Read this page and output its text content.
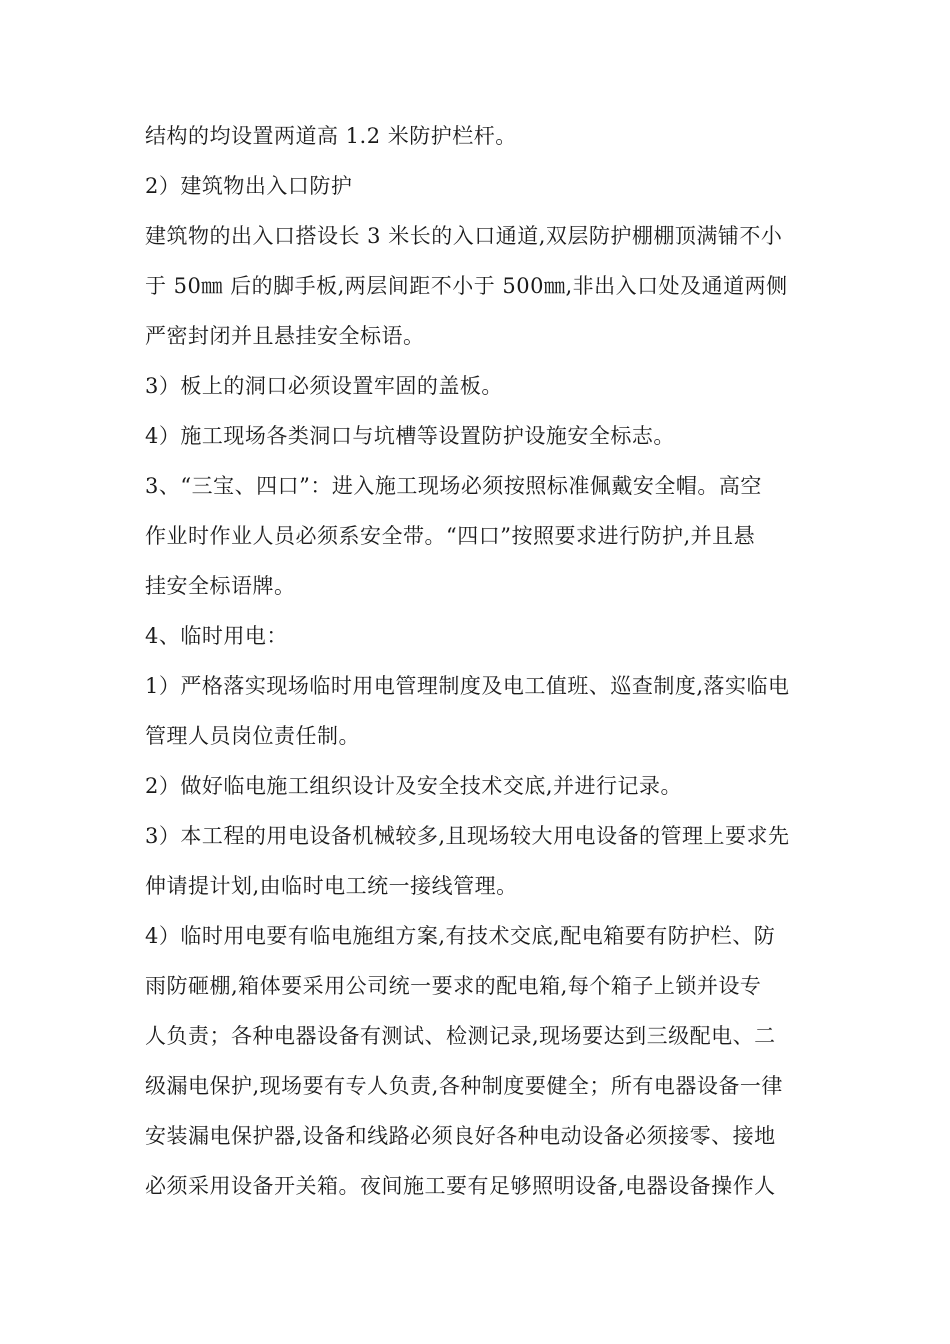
结构的均设置两道高 1.2 米防护栏杆。
2）建筑物出入口防护
建筑物的出入口搭设长 3 米长的入口通道,双层防护棚棚顶满铺不小
于 50㎜ 后的脚手板,两层间距不小于 500㎜,非出入口处及通道两侧
严密封闭并且悬挂安全标语。
3）板上的洞口必须设置牢固的盖板。
4）施工现场各类洞口与坑槽等设置防护设施安全标志。
3、“三宝、四口”：进入施工现场必须按照标准佩戴安全帽。高空
作业时作业人员必须系安全带。“四口”按照要求进行防护,并且悬
挂安全标语牌。
4、临时用电：
1）严格落实现场临时用电管理制度及电工值班、巡查制度,落实临电
管理人员岗位责任制。
2）做好临电施工组织设计及安全技术交底,并进行记录。
3）本工程的用电设备机械较多,且现场较大用电设备的管理上要求先
伸请提计划,由临时电工统一接线管理。
4）临时用电要有临电施组方案,有技术交底,配电箱要有防护栏、防
雨防砸棚,箱体要采用公司统一要求的配电箱,每个箱子上锁并设专
人负责；各种电器设备有测试、检测记录,现场要达到三级配电、二
级漏电保护,现场要有专人负责,各种制度要健全；所有电器设备一律
安装漏电保护器,设备和线路必须良好各种电动设备必须接零、接地
必须采用设备开关箱。夜间施工要有足够照明设备,电器设备操作人
